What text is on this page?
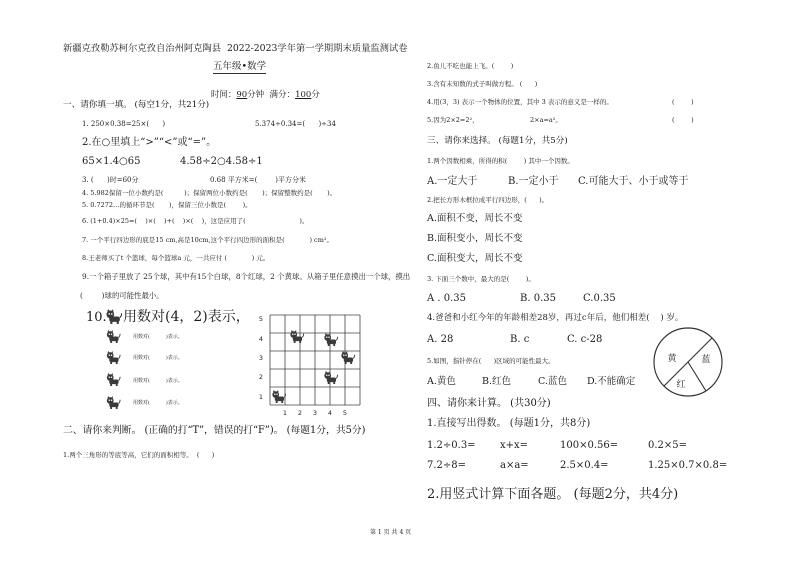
新疆克孜勒苏柯尔克孜自治州阿克陶县  2022-2023学年第一学期期末质量监测试卷
五年级•数学

时间：90分钟  满分：100分

一、请你填一填。 (每空1分，共21分)
1. 250×0.38=25×(      )	5.374÷0.34=(      )÷34
2.在○里填上“>”“<”或“=”。
65×1.4○65	4.58÷2○4.58÷1
3. (      )时=60分	0.68 平方米=(        )平方分米
4. 5.982保留一位小数约是(          )；保留两位小数约是(       )；保留整数约是(       )。
5. 0.7272…的循环节是(       )，保留三位小数是(        )。
6. (1+0.4)×25=(    )×(    )+(    )×(    )，这是应用了(                          )。
7. 一个平行四边形的底是15 cm,高是10cm,这个平行四边形的面积是(            ) cm²。
8.王老师买了t 个篮球，每个篮球a 元，一共应付 (            ) 元。
9.一个箱子里放了 25个球，其中有15个白球，8个红球，2 个黄球。从箱子里任意摸出一个球，摸出
(        )球的可能性最小。
10. 用数对(4，2)表示，
用数对(          )表示。
用数对(          )表示。
用数对(          )表示。
用数对(          )表示。
5
4
3
2
1
1 2 3 4 5
二、请你来判断。 (正确的打“T”，错误的打“F”)。 (每题1分，共5分)
1.两个三角形的等底等高，它们的面积相等。  (      )
2.鱼儿不吃也能上飞。(        )
3.含有未知数的式子叫做方程。 (      )
4.用(3，3) 表示一个物体的位置，其中 3 表示的意义是一样的。	(        )
5.因为2×2=2²，	2×a=a²。	(        )
三、请你来选择。 (每题1分，共5分)
1.两个因数相乘，所得的积(        ) 其中一个因数。
A.一定大于	B.一定小于 C.可能大于、小于或等于
2.把长方形木框拉成平行四边形，(      )。
A.面积不变，周长不变
B.面积变小，周长不变
C.面积变大，周长不变
3. 下面三个数中，最大的是(        )。
A . 0.35	B. 0.35	C.0.35
4.爸爸和小红今年的年龄相差28岁，再过c年后，他们相差(    ) 岁。
A. 28	B. c	C. c-28
5.如图，指针停在(      )区域的可能性最大。
A.黄色	B.红色	C.蓝色 D.不能确定
黄	蓝
红
四、请你来计算。 (共30分)
1.直接写出得数。 (每题1分，共8分)
1.2÷0.3= x+x=	100×0.56=	0.2×5=
7.2÷8=	a×a=	2.5×0.4=	1.25×0.7×0.8=
2.用竖式计算下面各题。 (每题2分，共4分)
第 1 页 共 4 页
